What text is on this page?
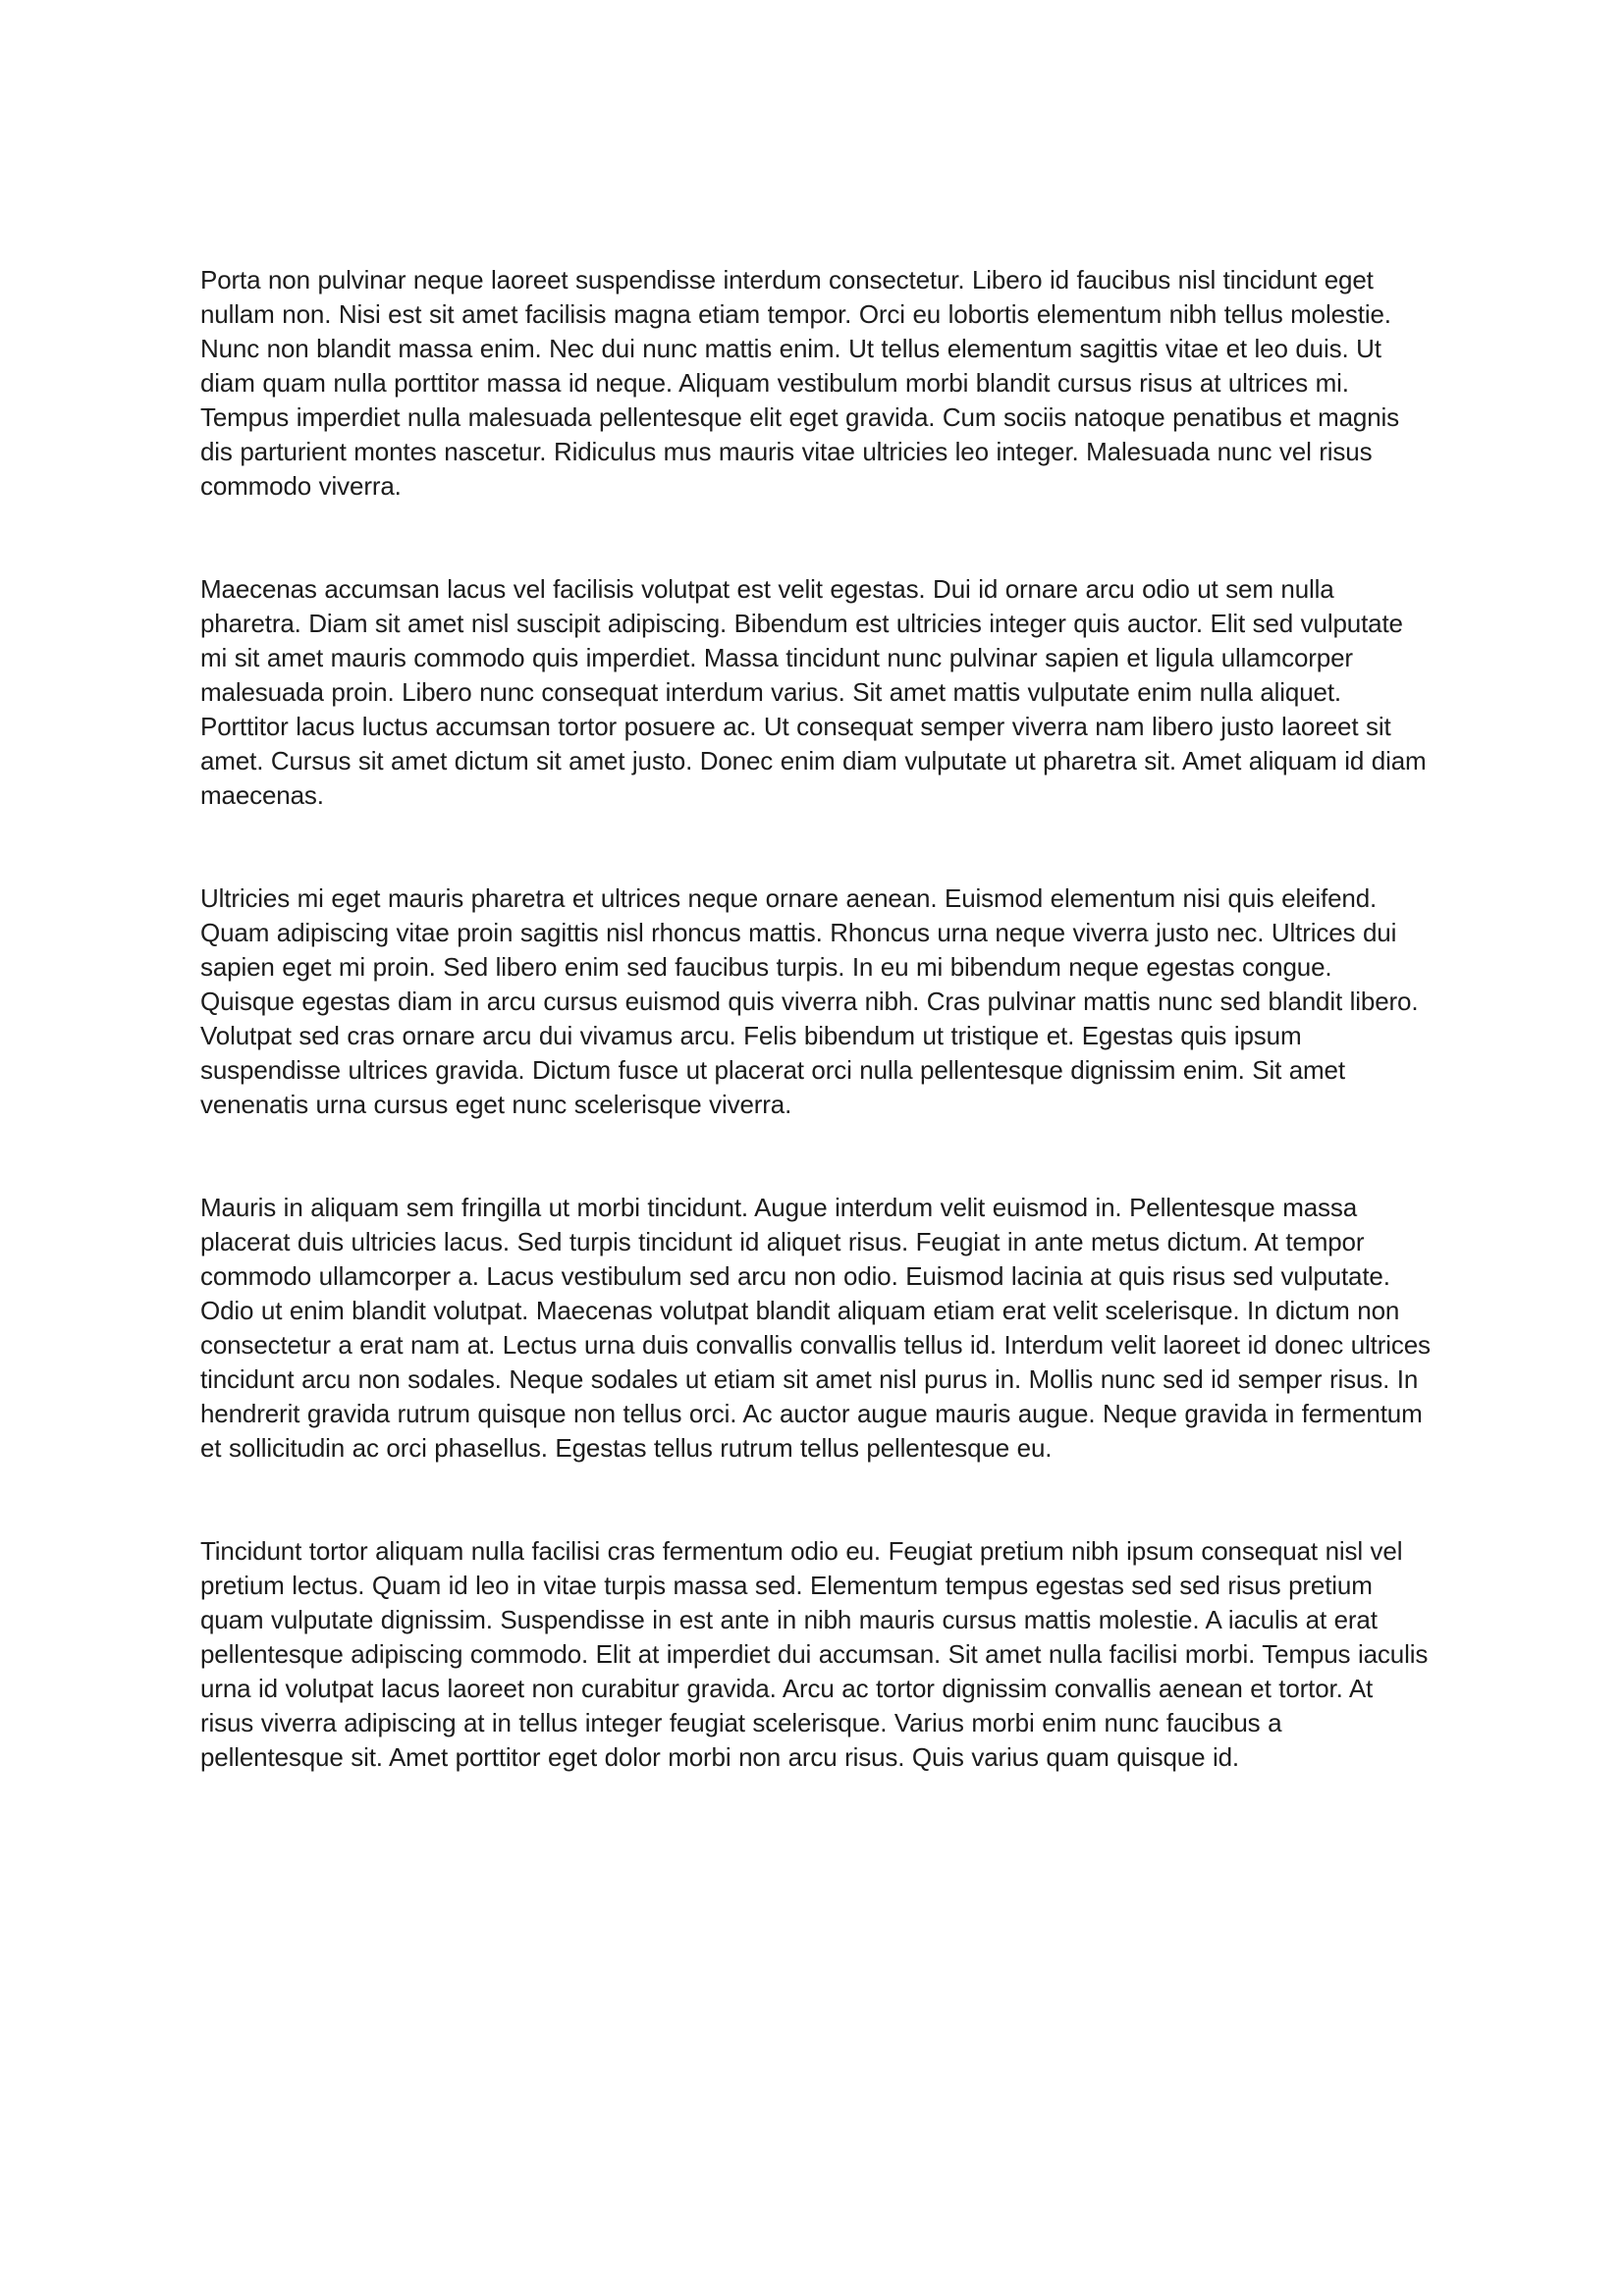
Porta non pulvinar neque laoreet suspendisse interdum consectetur. Libero id faucibus nisl tincidunt eget nullam non. Nisi est sit amet facilisis magna etiam tempor. Orci eu lobortis elementum nibh tellus molestie. Nunc non blandit massa enim. Nec dui nunc mattis enim. Ut tellus elementum sagittis vitae et leo duis. Ut diam quam nulla porttitor massa id neque. Aliquam vestibulum morbi blandit cursus risus at ultrices mi. Tempus imperdiet nulla malesuada pellentesque elit eget gravida. Cum sociis natoque penatibus et magnis dis parturient montes nascetur. Ridiculus mus mauris vitae ultricies leo integer. Malesuada nunc vel risus commodo viverra.

Maecenas accumsan lacus vel facilisis volutpat est velit egestas. Dui id ornare arcu odio ut sem nulla pharetra. Diam sit amet nisl suscipit adipiscing. Bibendum est ultricies integer quis auctor. Elit sed vulputate mi sit amet mauris commodo quis imperdiet. Massa tincidunt nunc pulvinar sapien et ligula ullamcorper malesuada proin. Libero nunc consequat interdum varius. Sit amet mattis vulputate enim nulla aliquet. Porttitor lacus luctus accumsan tortor posuere ac. Ut consequat semper viverra nam libero justo laoreet sit amet. Cursus sit amet dictum sit amet justo. Donec enim diam vulputate ut pharetra sit. Amet aliquam id diam maecenas.

Ultricies mi eget mauris pharetra et ultrices neque ornare aenean. Euismod elementum nisi quis eleifend. Quam adipiscing vitae proin sagittis nisl rhoncus mattis. Rhoncus urna neque viverra justo nec. Ultrices dui sapien eget mi proin. Sed libero enim sed faucibus turpis. In eu mi bibendum neque egestas congue. Quisque egestas diam in arcu cursus euismod quis viverra nibh. Cras pulvinar mattis nunc sed blandit libero. Volutpat sed cras ornare arcu dui vivamus arcu. Felis bibendum ut tristique et. Egestas quis ipsum suspendisse ultrices gravida. Dictum fusce ut placerat orci nulla pellentesque dignissim enim. Sit amet venenatis urna cursus eget nunc scelerisque viverra.

Mauris in aliquam sem fringilla ut morbi tincidunt. Augue interdum velit euismod in. Pellentesque massa placerat duis ultricies lacus. Sed turpis tincidunt id aliquet risus. Feugiat in ante metus dictum. At tempor commodo ullamcorper a. Lacus vestibulum sed arcu non odio. Euismod lacinia at quis risus sed vulputate. Odio ut enim blandit volutpat. Maecenas volutpat blandit aliquam etiam erat velit scelerisque. In dictum non consectetur a erat nam at. Lectus urna duis convallis convallis tellus id. Interdum velit laoreet id donec ultrices tincidunt arcu non sodales. Neque sodales ut etiam sit amet nisl purus in. Mollis nunc sed id semper risus. In hendrerit gravida rutrum quisque non tellus orci. Ac auctor augue mauris augue. Neque gravida in fermentum et sollicitudin ac orci phasellus. Egestas tellus rutrum tellus pellentesque eu.

Tincidunt tortor aliquam nulla facilisi cras fermentum odio eu. Feugiat pretium nibh ipsum consequat nisl vel pretium lectus. Quam id leo in vitae turpis massa sed. Elementum tempus egestas sed sed risus pretium quam vulputate dignissim. Suspendisse in est ante in nibh mauris cursus mattis molestie. A iaculis at erat pellentesque adipiscing commodo. Elit at imperdiet dui accumsan. Sit amet nulla facilisi morbi. Tempus iaculis urna id volutpat lacus laoreet non curabitur gravida. Arcu ac tortor dignissim convallis aenean et tortor. At risus viverra adipiscing at in tellus integer feugiat scelerisque. Varius morbi enim nunc faucibus a pellentesque sit. Amet porttitor eget dolor morbi non arcu risus. Quis varius quam quisque id.
